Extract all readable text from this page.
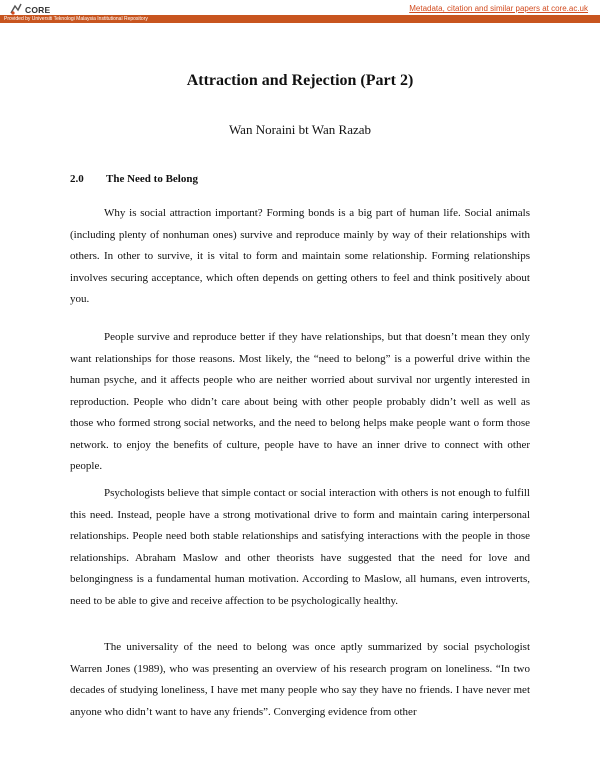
CORE	Metadata, citation and similar papers at core.ac.uk
Provided by Universiti Teknologi Malaysia Institutional Repository
Attraction and Rejection (Part 2)
Wan Noraini bt Wan Razab
2.0 The Need to Belong

Why is social attraction important? Forming bonds is a big part of human life. Social animals (including plenty of nonhuman ones) survive and reproduce mainly by way of their relationships with others. In other to survive, it is vital to form and maintain some relationship. Forming relationships involves securing acceptance, which often depends on getting others to feel and think positively about you.

People survive and reproduce better if they have relationships, but that doesn’t mean they only want relationships for those reasons. Most likely, the “need to belong” is a powerful drive within the human psyche, and it affects people who are neither worried about survival nor urgently interested in reproduction. People who didn’t care about being with other people probably didn’t well as well as those who formed strong social networks, and the need to belong helps make people want o form those network. to enjoy the benefits of culture, people have to have an inner drive to connect with other people.

Psychologists believe that simple contact or social interaction with others is not enough to fulfill this need. Instead, people have a strong motivational drive to form and maintain caring interpersonal relationships. People need both stable relationships and satisfying interactions with the people in those relationships. Abraham Maslow and other theorists have suggested that the need for love and belongingness is a fundamental human motivation. According to Maslow, all humans, even introverts, need to be able to give and receive affection to be psychologically healthy.

The universality of the need to belong was once aptly summarized by social psychologist Warren Jones (1989), who was presenting an overview of his research program on loneliness. “In two decades of studying loneliness, I have met many people who say they have no friends. I have never met anyone who didn’t want to have any friends”. Converging evidence from other
